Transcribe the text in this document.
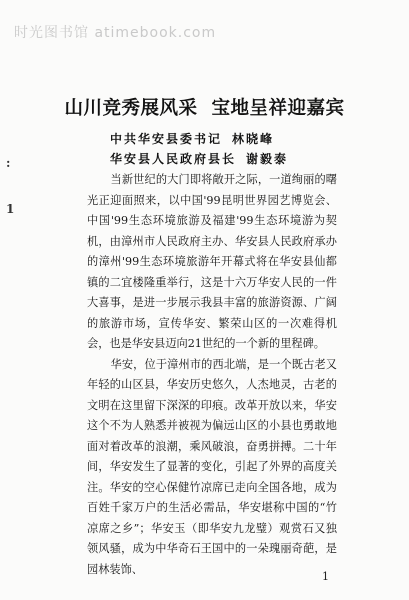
时光图书馆 atimebook.com
山川竞秀展风采 宝地呈祥迎嘉宾
中共华安县委书记 林晓峰
华安县人民政府县长 谢毅泰
:
1

当新世纪的大门即将敞开之际，一道绚丽的曙光正迎面照来，以中国'99昆明世界园艺博览会、中国'99生态环境旅游及福建'99生态环境游为契机，由漳州市人民政府主办、华安县人民政府承办的漳州'99生态环境旅游年开幕式将在华安县仙都镇的二宜楼隆重举行，这是十六万华安人民的一件大喜事，是进一步展示我县丰富的旅游资源、广阔的旅游市场，宣传华安、繁荣山区的一次难得机会，也是华安县迈向21世纪的一个新的里程碑。

华安，位于漳州市的西北端，是一个既古老又年轻的山区县，华安历史悠久，人杰地灵，古老的文明在这里留下深深的印痕。改革开放以来，华安这个不为人熟悉并被视为偏远山区的小县也勇敢地面对着改革的浪潮，乘风破浪，奋勇拼搏。二十年间，华安发生了显著的变化，引起了外界的高度关注。华安的空心保健竹凉席已走向全国各地，成为百姓千家万户的生活必需品，华安堪称中国的“竹凉席之乡”；华安玉（即华安九龙璧）观赏石又独领风骚，成为中华奇石王国中的一朵瑰丽奇葩，是园林装饰、

1
